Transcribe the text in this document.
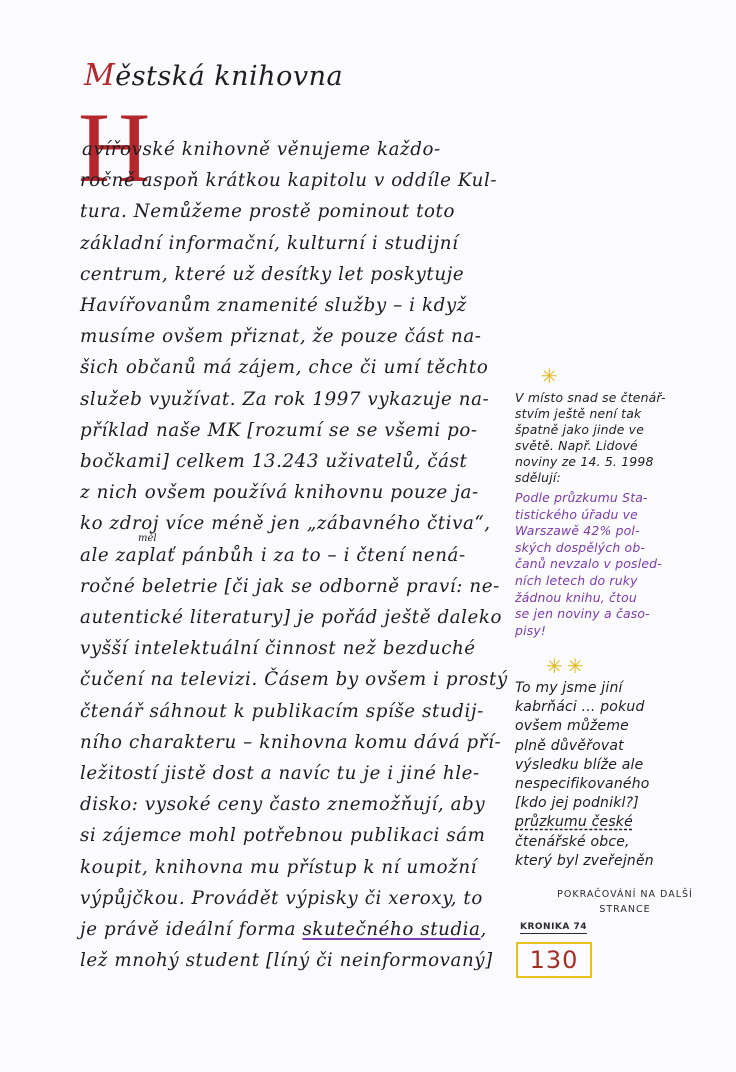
Městská knihovna
H
avířovské knihovně věnujeme každo-
ročně aspoň krátkou kapitolu v oddíle Kul-
tura. Nemůžeme prostě pominout toto
základní informační, kulturní i studijní
centrum, které už desítky let poskytuje
Havířovanům znamenité služby – i když
musíme ovšem přiznat, že pouze část na-
šich občanů má zájem, chce či umí těchto
služeb využívat. Za rok 1997 vykazuje na-
příklad naše MK [rozumí se se všemi po-
bočkami] celkem 13.243 uživatelů, část
z nich ovšem používá knihovnu pouze ja-
ko zdroj více méně jen „zábavného čtiva“,
ale zaplať pánbůh i za to – i čtení nená-
ročné beletrie [či jak se odborně praví: ne-
autentické literatury] je pořád ještě daleko
vyšší intelektuální činnost než bezduché
čučení na televizi. Čásem by ovšem i prostý
čtenář sáhnout k publikacím spíše studij-
ního charakteru – knihovna komu dává pří-
ležitostí jistě dost a navíc tu je i jiné hle-
disko: vysoké ceny často znemožňují, aby
si zájemce mohl potřebnou publikaci sám
koupit, knihovna mu přístup k ní umožní
výpůjčkou. Provádět výpisky či xeroxy, to
je právě ideální forma skutečného studia,
lež mnohý student [líný či neinformovaný]
měl
✳
V místo snad se čtenář-
stvím ještě není tak
špatně jako jinde ve
světě. Např. Lidové
noviny ze 14. 5. 1998
sdělují:
Podle průzkumu Sta-
tistického úřadu ve
Warszawě 42% pol-
ských dospělých ob-
čanů nevzalo v posled-
ních letech do ruky
žádnou knihu, čtou
se jen noviny a časo-
pisy!
✳✳
To my jsme jiní
kabrňáci ... pokud
ovšem můžeme
plně důvěřovat
výsledku blíže ale
nespecifikovaného
[kdo jej podnikl?]
průzkumu české
čtenářské obce,
který byl zveřejněn
POKRAČOVÁNÍ NA DALŠÍ STRANCE
KRONIKA 74
130
